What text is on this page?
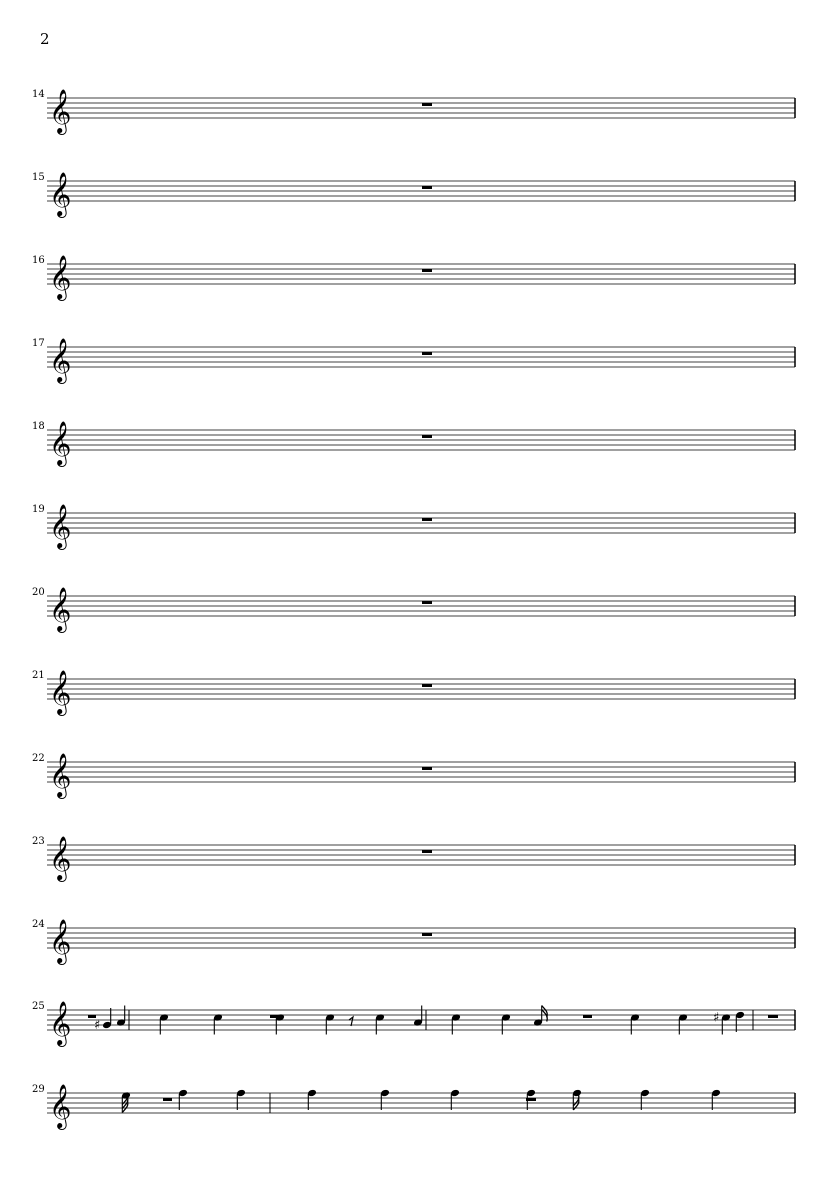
2
𝄞
14
𝄞
15
𝄞
16
𝄞
17
𝄞
18
𝄞
19
𝄞
20
𝄞
21
𝄞
22
𝄞
23
𝄞
24
𝄞
25
♯	♯
𝄞
29
